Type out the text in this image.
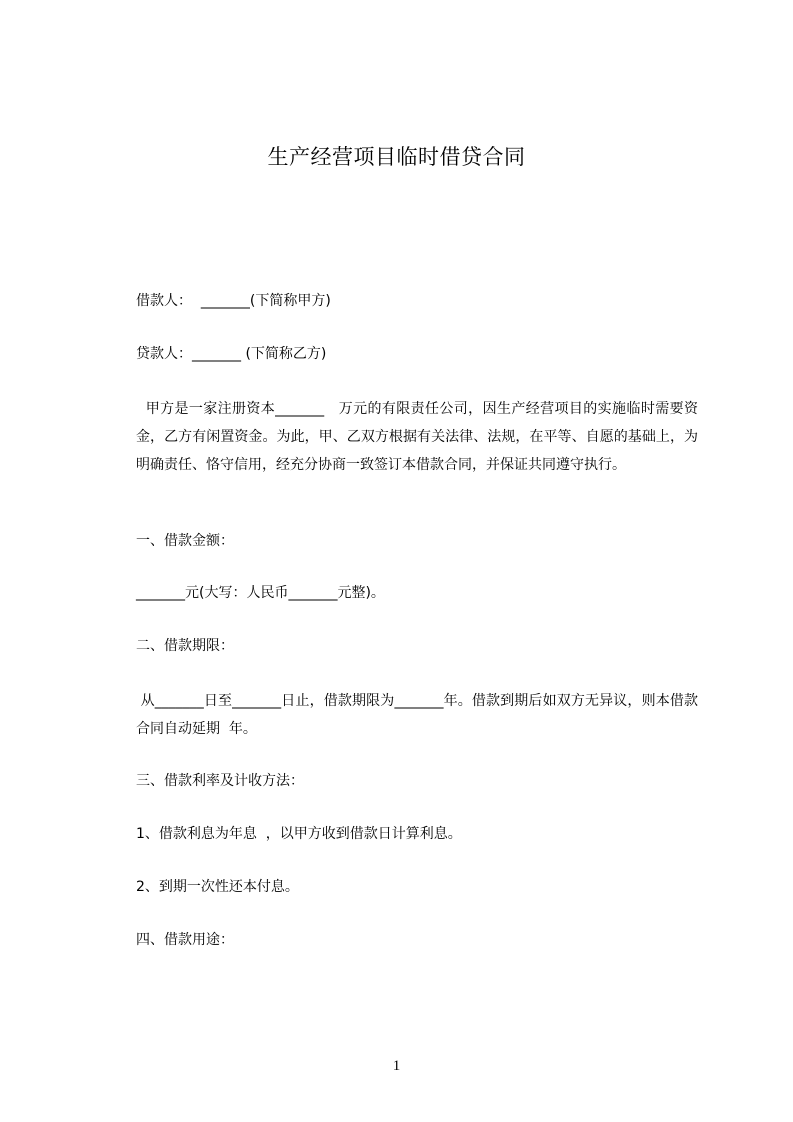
生产经营项目临时借贷合同
借款人：  _______(下简称甲方)
贷款人：_______ (下简称乙方)
甲方是一家注册资本_______   万元的有限责任公司，因生产经营项目的实施临时需要资金，乙方有闲置资金。为此，甲、乙双方根据有关法律、法规，在平等、自愿的基础上，为明确责任、恪守信用，经充分协商一致签订本借款合同，并保证共同遵守执行。
一、借款金额：
_______元(大写：人民币_______元整)。
二、借款期限：
从_______日至_______日止，借款期限为_______年。借款到期后如双方无异议，则本借款合同自动延期  年。
三、借款利率及计收方法：
1、借款利息为年息  ，以甲方收到借款日计算利息。
2、到期一次性还本付息。
四、借款用途：
1
